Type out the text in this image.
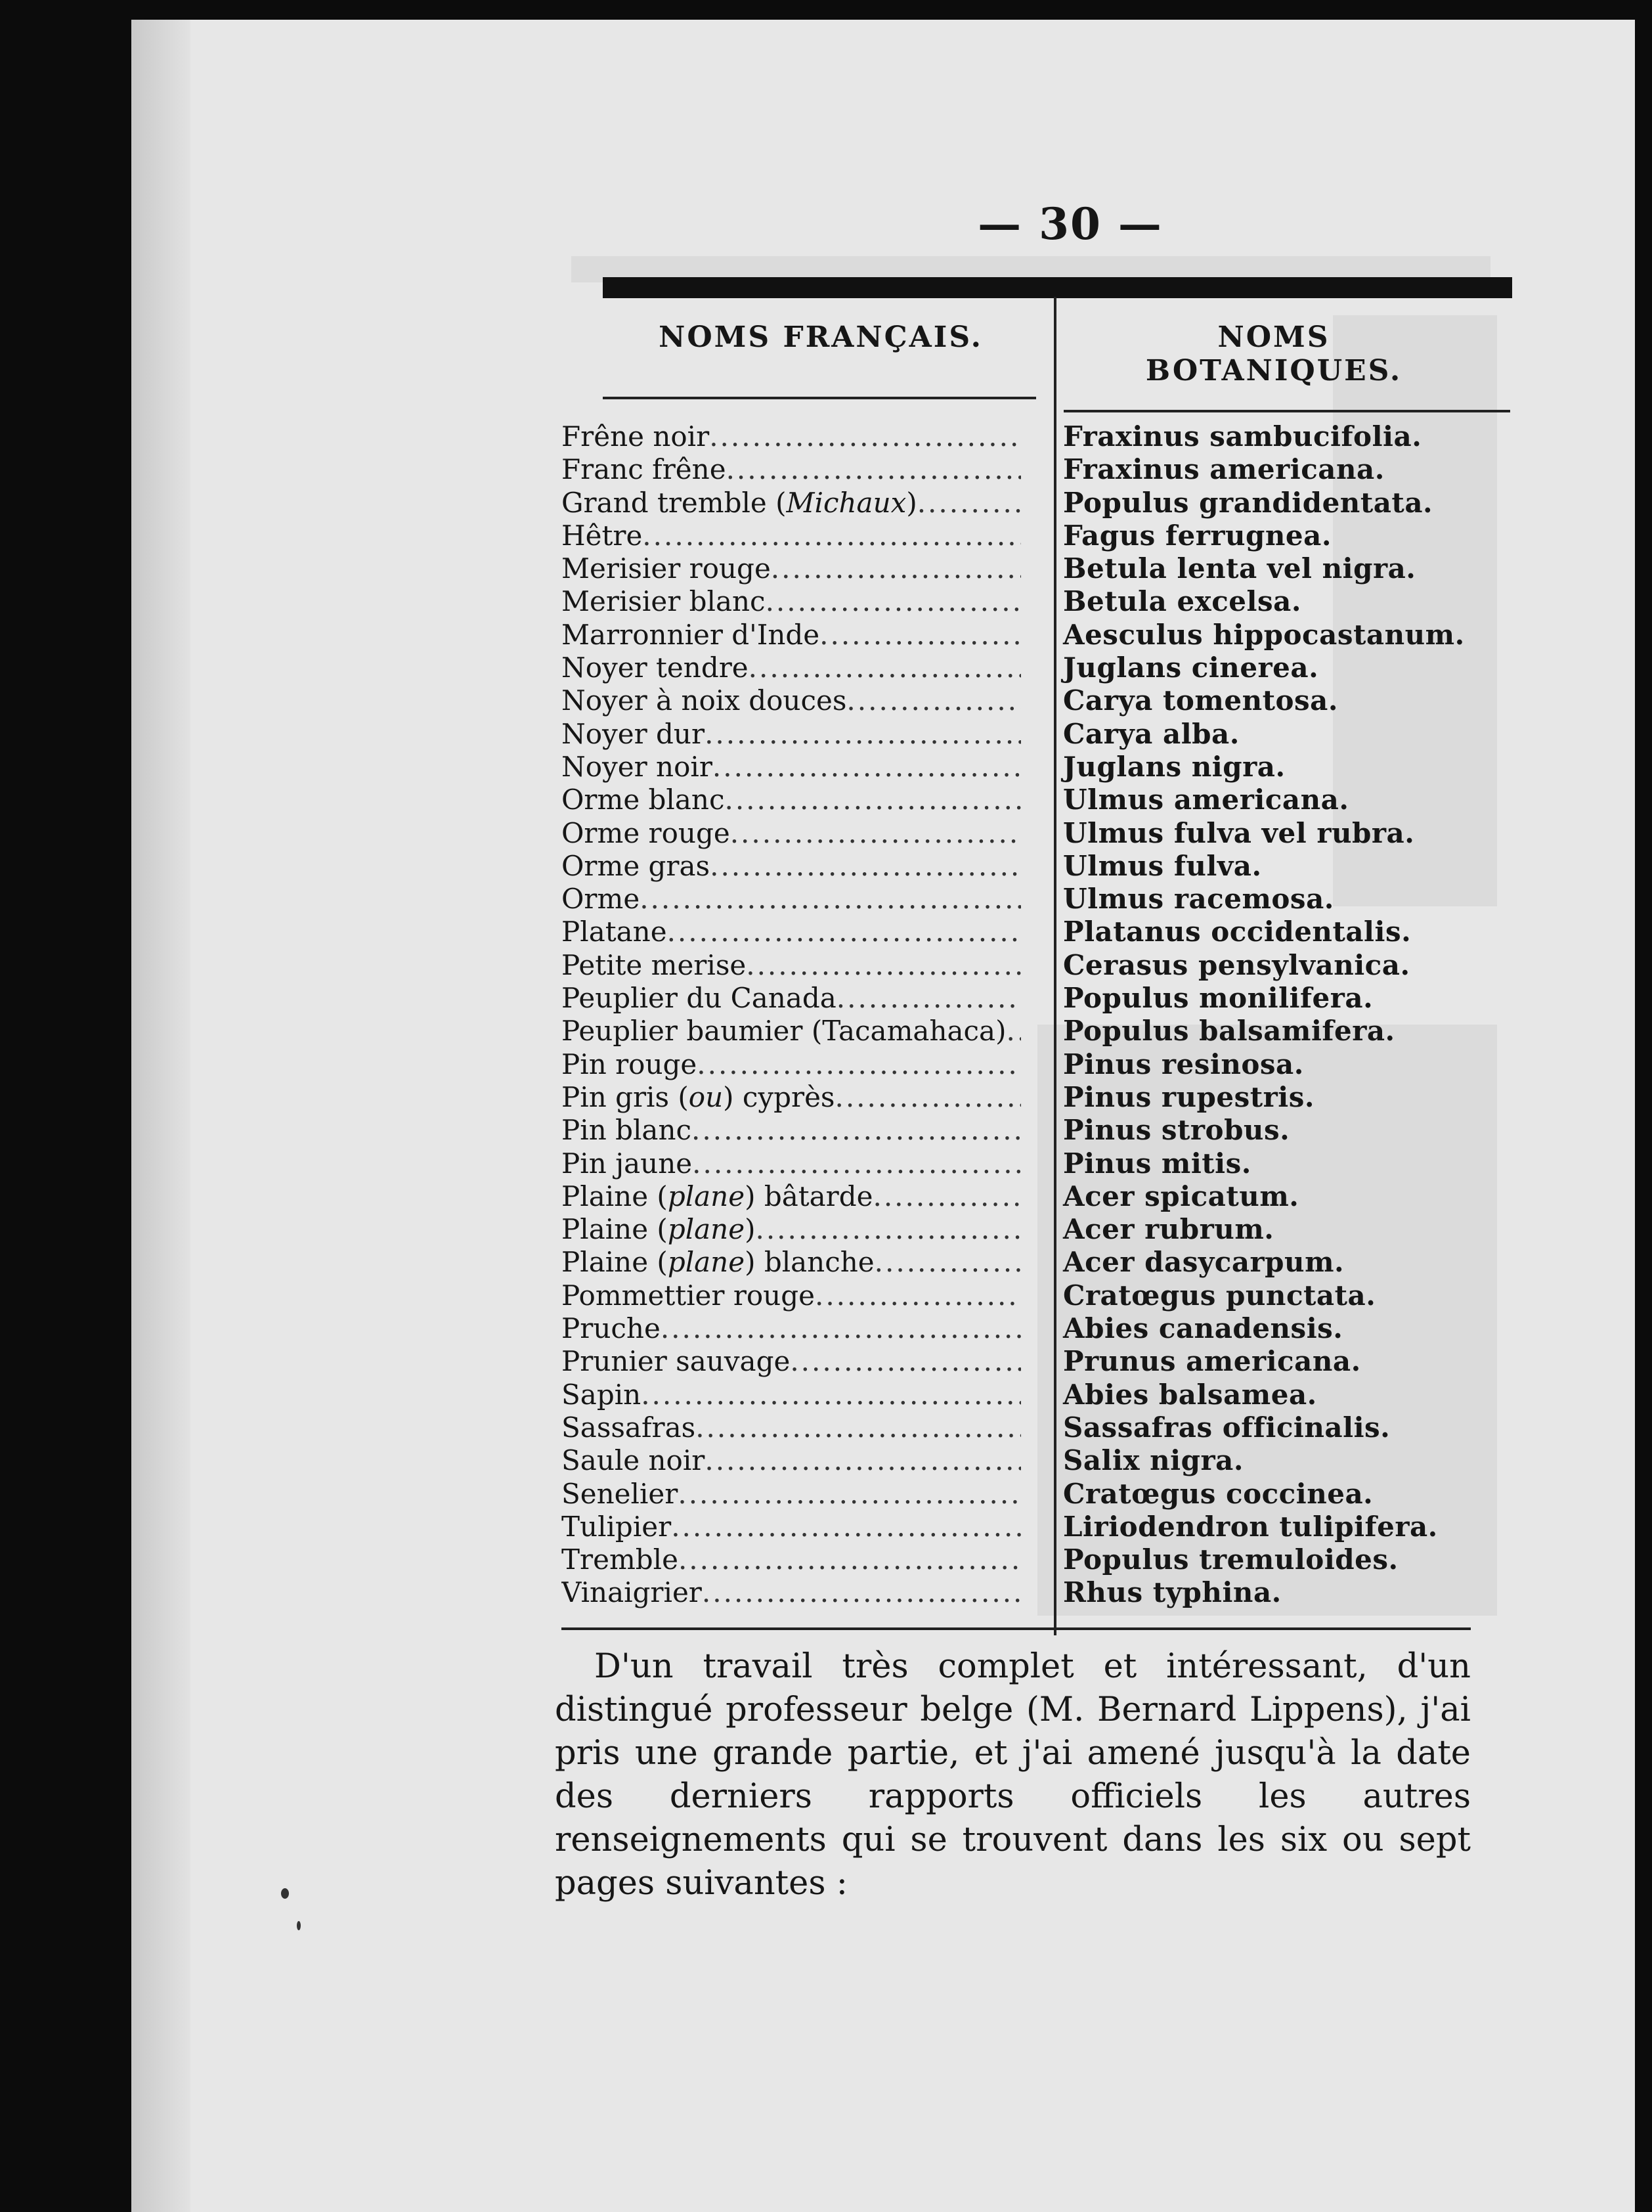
— 30 —
NOMS FRANÇAIS.	NOMS BOTANIQUES.
Frêne noir .....	Fraxinus sambucifolia.
Franc frêne .....	Fraxinus americana.
Grand tremble (Michaux) .....	Populus grandidentata.
Hêtre .....	Fagus ferrugnea.
Merisier rouge .....	Betula lenta vel nigra.
Merisier blanc .....	Betula excelsa.
Marronnier d'Inde .....	Aesculus hippocastanum.
Noyer tendre .....	Juglans cinerea.
Noyer à noix douces .....	Carya tomentosa.
Noyer dur .....	Carya alba.
Noyer noir .....	Juglans nigra.
Orme blanc .....	Ulmus americana.
Orme rouge .....	Ulmus fulva vel rubra.
Orme gras .....	Ulmus fulva.
Orme .....	Ulmus racemosa.
Platane .....	Platanus occidentalis.
Petite merise .....	Cerasus pensylvanica.
Peuplier du Canada .....	Populus monilifera.
Peuplier baumier (Tacamahaca) .....	Populus balsamifera.
Pin rouge .....	Pinus resinosa.
Pin gris (ou) cyprès .....	Pinus rupestris.
Pin blanc .....	Pinus strobus.
Pin jaune .....	Pinus mitis.
Plaine (plane) bâtarde .....	Acer spicatum.
Plaine (plane) .....	Acer rubrum.
Plaine (plane) blanche .....	Acer dasycarpum.
Pommettier rouge .....	Cratœgus punctata.
Pruche .....	Abies canadensis.
Prunier sauvage .....	Prunus americana.
Sapin .....	Abies balsamea.
Sassafras .....	Sassafras officinalis.
Saule noir .....	Salix nigra.
Senelier .....	Cratœgus coccinea.
Tulipier .....	Liriodendron tulipifera.
Tremble .....	Populus tremuloides.
Vinaigrier .....	Rhus typhina.
D'un travail très complet et intéressant, d'un distingué professeur belge (M. Bernard Lippens), j'ai pris une grande partie, et j'ai amené jusqu'à la date des derniers rapports officiels les autres renseignements qui se trouvent dans les six ou sept pages suivantes :
